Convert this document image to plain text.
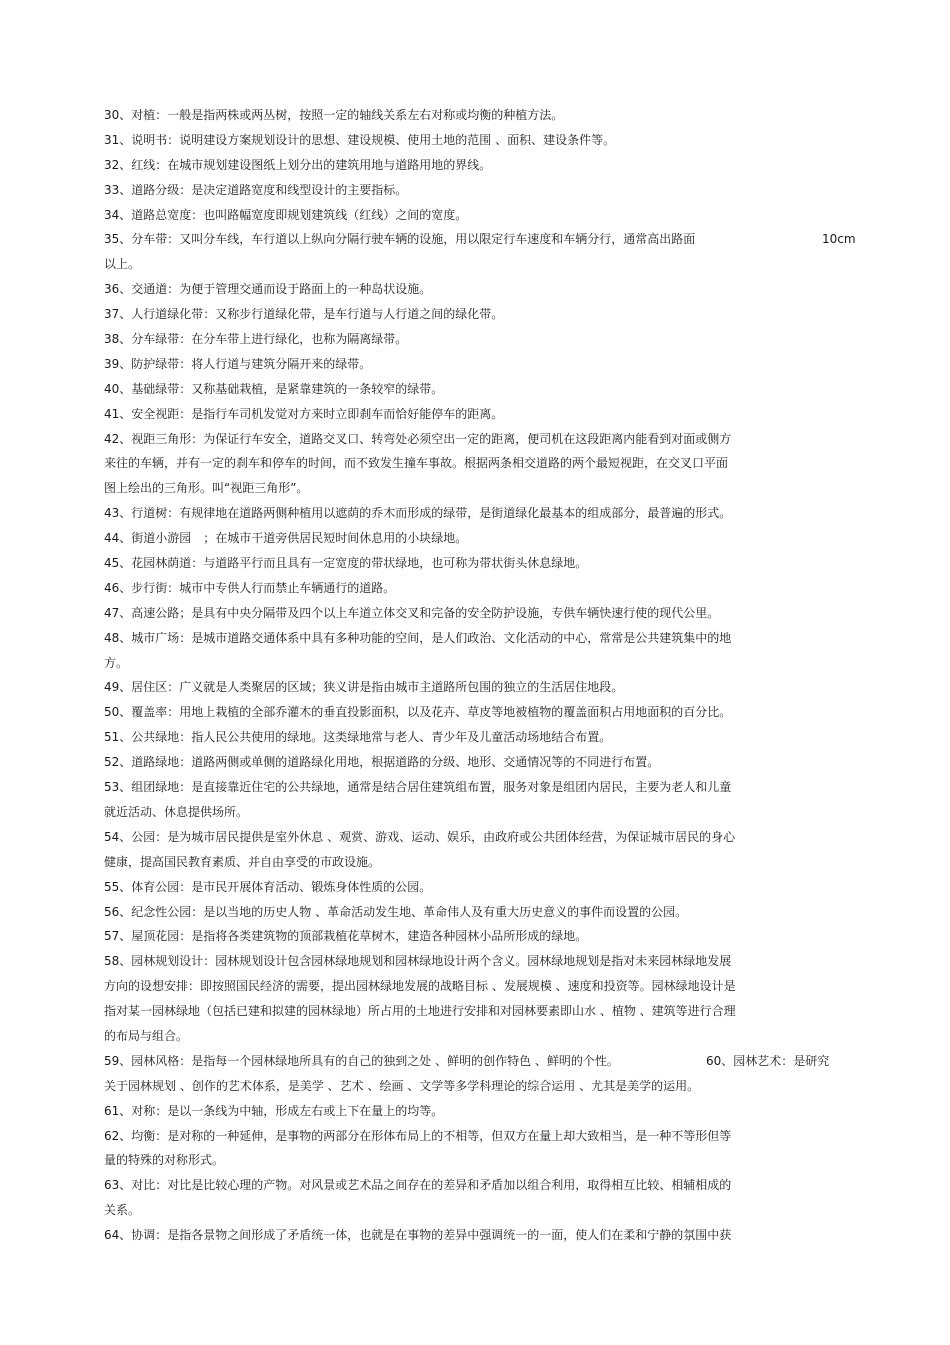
30、对植：一般是指两株或两丛树，按照一定的轴线关系左右对称或均衡的种植方法。
31、说明书：说明建设方案规划设计的思想、建设规模、使用土地的范围 、面积、建设条件等。
32、红线：在城市规划建设图纸上划分出的建筑用地与道路用地的界线。
33、道路分级：是决定道路宽度和线型设计的主要指标。
34、道路总宽度：也叫路幅宽度即规划建筑线（红线）之间的宽度。
35、分车带：又叫分车线，车行道以上纵向分隔行驶车辆的设施，用以限定行车速度和车辆分行，通常高出路面	10cm
以上。
36、交通道：为便于管理交通而设于路面上的一种岛状设施。
37、人行道绿化带：又称步行道绿化带，是车行道与人行道之间的绿化带。
38、分车绿带：在分车带上进行绿化，也称为隔离绿带。
39、防护绿带：将人行道与建筑分隔开来的绿带。
40、基础绿带：又称基础栽植，是紧靠建筑的一条较窄的绿带。
41、安全视距：是指行车司机发觉对方来时立即刹车而恰好能停车的距离。
42、视距三角形：为保证行车安全，道路交叉口、转弯处必须空出一定的距离，便司机在这段距离内能看到对面或侧方
来往的车辆，并有一定的刹车和停车的时间，而不致发生撞车事故。根据两条相交道路的两个最短视距，在交叉口平面
图上绘出的三角形。叫“视距三角形”。
43、行道树：有规律地在道路两侧种植用以遮荫的乔木而形成的绿带，是街道绿化最基本的组成部分，最普遍的形式。
44、街道小游园　；在城市干道旁供居民短时间休息用的小块绿地。
45、花园林荫道：与道路平行而且具有一定宽度的带状绿地，也可称为带状街头休息绿地。
46、步行街：城市中专供人行而禁止车辆通行的道路。
47、高速公路；是具有中央分隔带及四个以上车道立体交叉和完备的安全防护设施，专供车辆快速行使的现代公里。
48、城市广场：是城市道路交通体系中具有多种功能的空间，是人们政治、文化活动的中心，常常是公共建筑集中的地
方。
49、居住区：广义就是人类聚居的区域；狭义讲是指由城市主道路所包围的独立的生活居住地段。
50、覆盖率：用地上栽植的全部乔灌木的垂直投影面积，以及花卉、草皮等地被植物的覆盖面积占用地面积的百分比。
51、公共绿地：指人民公共使用的绿地。这类绿地常与老人、青少年及儿童活动场地结合布置。
52、道路绿地：道路两侧或单侧的道路绿化用地，根据道路的分级、地形、交通情况等的不同进行布置。
53、组团绿地：是直接靠近住宅的公共绿地，通常是结合居住建筑组布置，服务对象是组团内居民，主要为老人和儿童
就近活动、休息提供场所。
54、公园：是为城市居民提供是室外休息 、观赏、游戏、运动、娱乐，由政府或公共团体经营，为保证城市居民的身心
健康，提高国民教育素质、并自由享受的市政设施。
55、体育公园：是市民开展体育活动、锻炼身体性质的公园。
56、纪念性公园：是以当地的历史人物 、革命活动发生地、革命伟人及有重大历史意义的事件而设置的公园。
57、屋顶花园：是指将各类建筑物的顶部栽植花草树木，建造各种园林小品所形成的绿地。
58、园林规划设计：园林规划设计包含园林绿地规划和园林绿地设计两个含义。园林绿地规划是指对未来园林绿地发展
方向的设想安排：即按照国民经济的需要，提出园林绿地发展的战略目标 、发展规模 、速度和投资等。园林绿地设计是
指对某一园林绿地（包括已建和拟建的园林绿地）所占用的土地进行安排和对园林要素即山水 、植物 、建筑等进行合理
的布局与组合。
59、园林风格：是指每一个园林绿地所具有的自己的独到之处 、鲜明的创作特色 、鲜明的个性。	60、园林艺术：是研究
关于园林规划 、创作的艺术体系，是美学 、艺术 、绘画 、文学等多学科理论的综合运用 、尤其是美学的运用。
61、对称：是以一条线为中轴，形成左右或上下在量上的均等。
62、均衡：是对称的一种延伸，是事物的两部分在形体布局上的不相等，但双方在量上却大致相当，是一种不等形但等
量的特殊的对称形式。
63、对比：对比是比较心理的产物。对风景或艺术品之间存在的差异和矛盾加以组合利用，取得相互比较、相辅相成的
关系。
64、协调：是指各景物之间形成了矛盾统一体，也就是在事物的差异中强调统一的一面，使人们在柔和宁静的氛围中获
